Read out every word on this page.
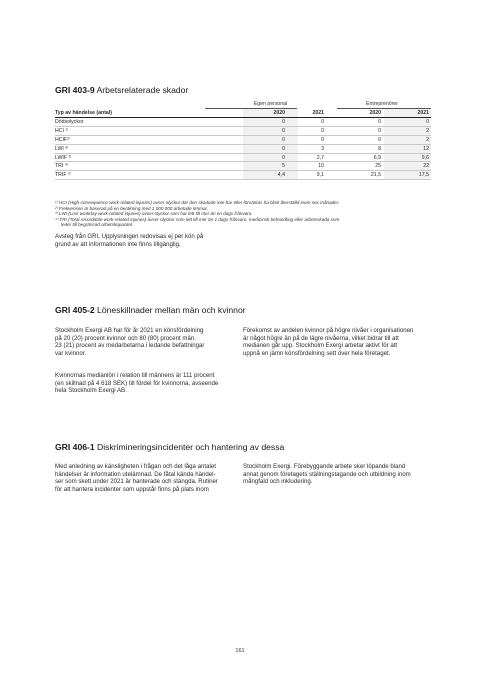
GRI 403-9 Arbetsrelaterade skador
Egen personal	Entreprenörer
Typ av händelse (antal)	2020	2021	2020	2021
Dödsolyckor	0	0	0	0
HCI ¹⁾	0	0	0	2
HCIF²⁾	0	0	0	2
LWI ³⁾	0	3	8	12
LWIF ²⁾	0	2,7	6,9	9,6
TRI ⁴⁾	5	10	25	22
TRIF ²⁾	4,4	9,1	21,5	17,5
¹⁾ HCI (High-consequence work-related injuries) avser olyckor där den skadade inte har eller förväntas ha blivit återställd inom sex månader.
²⁾ Frekvensen är baserad på en beräkning med 1 000 000 arbetade timmar.
³⁾ LWI (Lost workday work-related injuries) avser olyckor som har lett till mer än en dags frånvaro.
⁴⁾ TRI (Total recordable work-related injuries) avser olyckor som lett till mer än 1 dags frånvaro, medicinsk behandling eller arbetsskada som
leder till begränsad arbetskapacitet.
Avsteg från GRI, Upplysningen redovisas ej per kön på
grund av att informationen inte finns tillgänglig.
GRI 405-2 Löneskillnader mellan män och kvinnor
Stockholm Exergi AB har för år 2021 en könsfördelning
på 20 (20) procent kvinnor och 80 (80) procent män.
23 (21) procent av medarbetarna i ledande befattningar
var kvinnor.
Kvinnornas medianlön i relation till männens är 111 procent
(en skillnad på 4 618 SEK) till fördel för kvinnorna, avseende
hela Stockholm Exergi AB.
Förekomst av andelen kvinnor på högre nivåer i organisationen
är något högre än på de lägre nivåerna, vilket bidrar till att
medianen går upp. Stockholm Exergi arbetar aktivt för att
uppnå en jämn könsfördelning sett över hela företaget.
GRI 406-1 Diskrimineringsincidenter och hantering av dessa
Med anledning av känsligheten i frågan och det låga antalet
händelser är information utelämnad. De fåtal kända händel-
ser som skett under 2021 är hanterade och stängda. Rutiner
för att hantera incidenter som uppstår finns på plats inom
Stockholm Exergi. Förebyggande arbete sker löpande bland
annat genom företagets ställningstagande och utbildning inom
mångfald och inkludering.
161
